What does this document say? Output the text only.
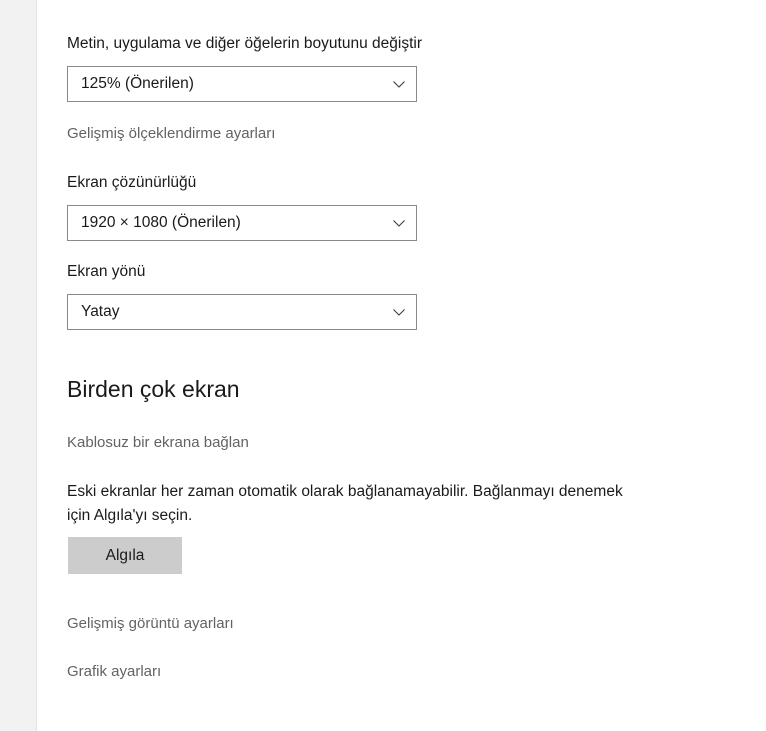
Metin, uygulama ve diğer öğelerin boyutunu değiştir
125% (Önerilen)
Gelişmiş ölçeklendirme ayarları
Ekran çözünürlüğü
1920 × 1080 (Önerilen)
Ekran yönü
Yatay
Birden çok ekran
Kablosuz bir ekrana bağlan
Eski ekranlar her zaman otomatik olarak bağlanamayabilir. Bağlanmayı denemek için Algıla'yı seçin.
Algıla
Gelişmiş görüntü ayarları
Grafik ayarları
